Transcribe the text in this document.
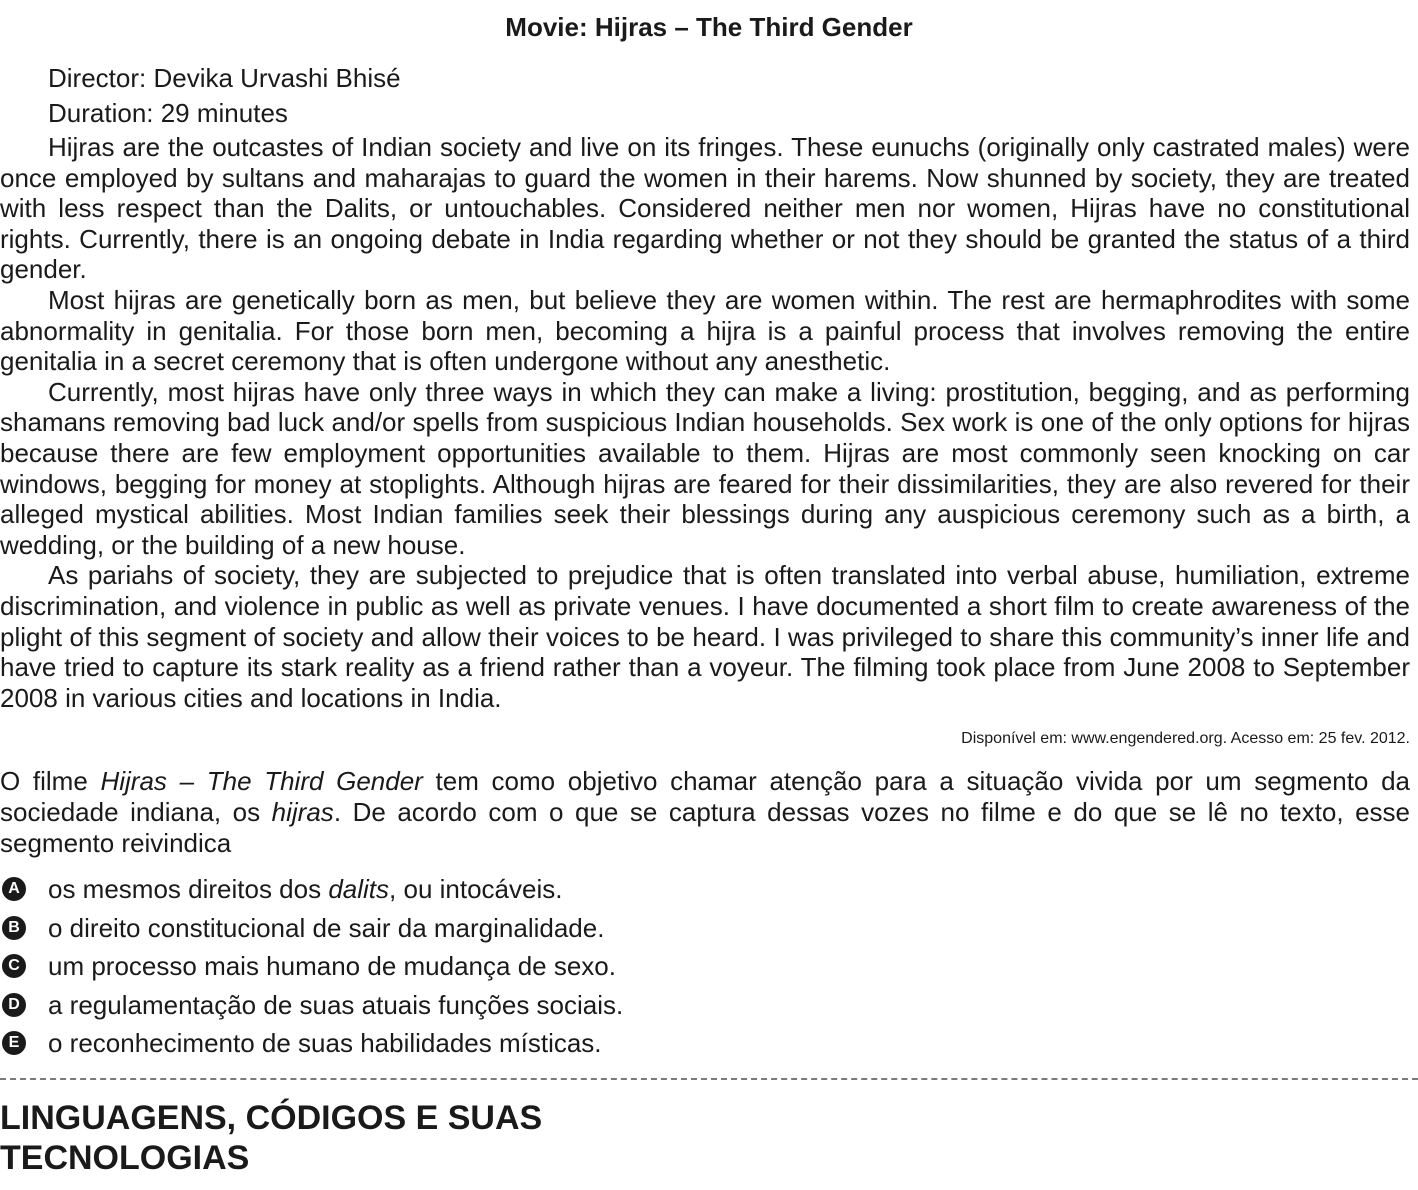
Movie: Hijras – The Third Gender
Director: Devika Urvashi Bhisé
Duration: 29 minutes

Hijras are the outcastes of Indian society and live on its fringes. These eunuchs (originally only castrated males) were once employed by sultans and maharajas to guard the women in their harems. Now shunned by society, they are treated with less respect than the Dalits, or untouchables. Considered neither men nor women, Hijras have no constitutional rights. Currently, there is an ongoing debate in India regarding whether or not they should be granted the status of a third gender.

Most hijras are genetically born as men, but believe they are women within. The rest are hermaphrodites with some abnormality in genitalia. For those born men, becoming a hijra is a painful process that involves removing the entire genitalia in a secret ceremony that is often undergone without any anesthetic.

Currently, most hijras have only three ways in which they can make a living: prostitution, begging, and as performing shamans removing bad luck and/or spells from suspicious Indian households. Sex work is one of the only options for hijras because there are few employment opportunities available to them. Hijras are most commonly seen knocking on car windows, begging for money at stoplights. Although hijras are feared for their dissimilarities, they are also revered for their alleged mystical abilities. Most Indian families seek their blessings during any auspicious ceremony such as a birth, a wedding, or the building of a new house.

As pariahs of society, they are subjected to prejudice that is often translated into verbal abuse, humiliation, extreme discrimination, and violence in public as well as private venues. I have documented a short film to create awareness of the plight of this segment of society and allow their voices to be heard. I was privileged to share this community’s inner life and have tried to capture its stark reality as a friend rather than a voyeur. The filming took place from June 2008 to September 2008 in various cities and locations in India.

Disponível em: www.engendered.org. Acesso em: 25 fev. 2012.

O filme Hijras – The Third Gender tem como objetivo chamar atenção para a situação vivida por um segmento da sociedade indiana, os hijras. De acordo com o que se captura dessas vozes no filme e do que se lê no texto, esse segmento reivindica

A os mesmos direitos dos dalits, ou intocáveis.
B o direito constitucional de sair da marginalidade.
C um processo mais humano de mudança de sexo.
D a regulamentação de suas atuais funções sociais.
E o reconhecimento de suas habilidades místicas.
LINGUAGENS, CÓDIGOS E SUAS
TECNOLOGIAS
